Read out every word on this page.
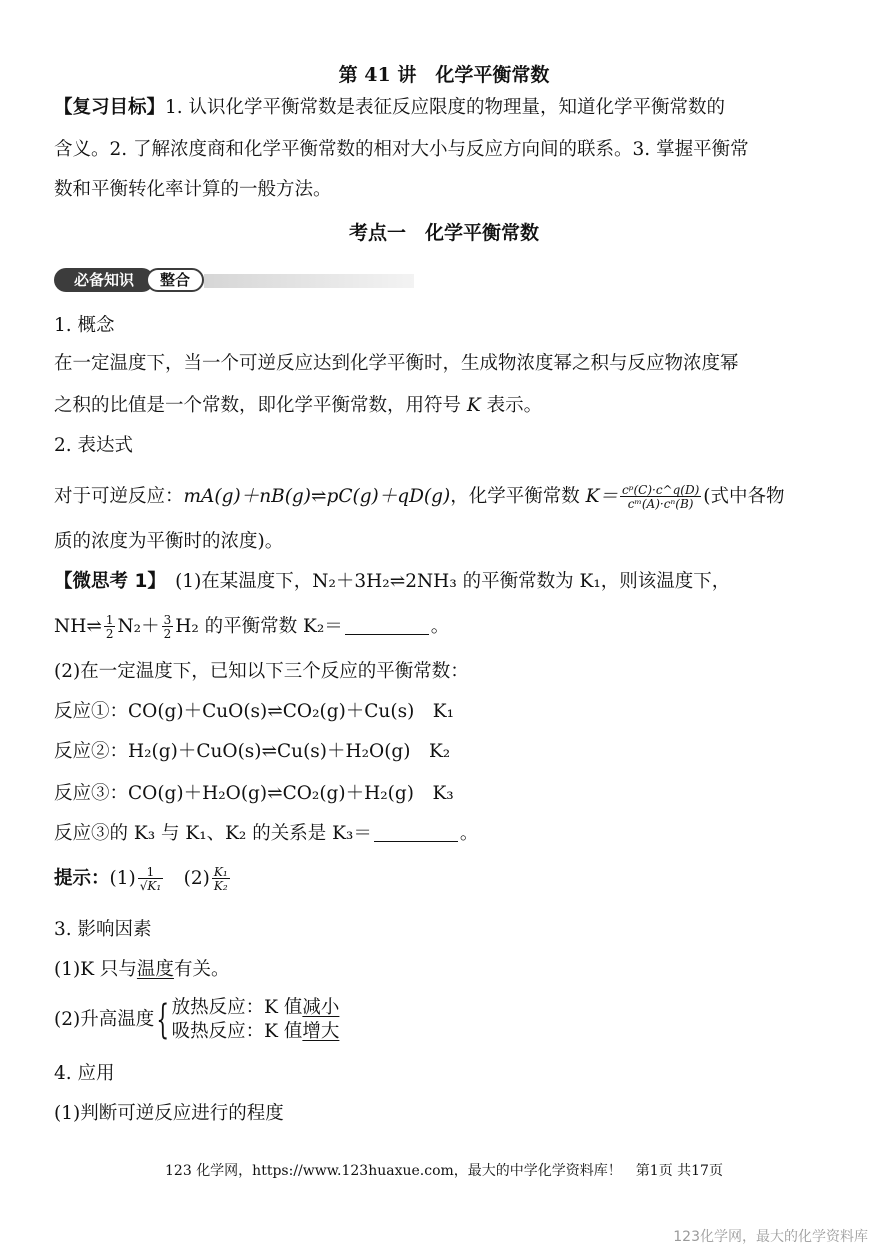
第 41 讲　化学平衡常数
【复习目标】1. 认识化学平衡常数是表征反应限度的物理量，知道化学平衡常数的
含义。2. 了解浓度商和化学平衡常数的相对大小与反应方向间的联系。3. 掌握平衡常
数和平衡转化率计算的一般方法。
考点一　化学平衡常数
必备知识	整合
1. 概念
在一定温度下，当一个可逆反应达到化学平衡时，生成物浓度幂之积与反应物浓度幂
之积的比值是一个常数，即化学平衡常数，用符号 K 表示。
2. 表达式
对于可逆反应：mA(g)＋nB(g)⇌pC(g)＋qD(g)，化学平衡常数 $K= \frac{\text{cᵖ(C)·c\textasciicircum{}q(D)}}{\text{cᵐ(A)·cⁿ(B)}}$ (式中各物
质的浓度为平衡时的浓度)。
【微思考 1】　 (1)在某温度下，N₂＋3H₂⇌2NH₃ 的平衡常数为 K₁，则该温度下，
NH⇌ $\frac{1}{2} N_2+ \frac{3}{2} H_2$ 的平衡常数 K₂＝	。
(2)在一定温度下，已知以下三个反应的平衡常数：
反应①：CO(g)＋CuO(s)⇌CO₂(g)＋Cu(s)　K₁
反应②：H₂(g)＋CuO(s)⇌Cu(s)＋H₂O(g)　K₂
反应③：CO(g)＋H₂O(g)⇌CO₂(g)＋H₂(g)　K₃
反应③的 K₃ 与 K₁、K₂ 的关系是 K₃＝	。
提示：$(1) \frac{1}{\text{√K₁}}$
　 $(2) \frac{\text{K₁}}{\text{K₂}}$
3. 影响因素
(1)K 只与温度有关。
(2)升高温度{ 放热反应：K 值减小
吸热反应：K 值增大
4. 应用
(1)判断可逆反应进行的程度
123 化学网，https://www.123huaxue.com，最大的中学化学资料库！　第1页 共17页
123化学网，最大的化学资料库
